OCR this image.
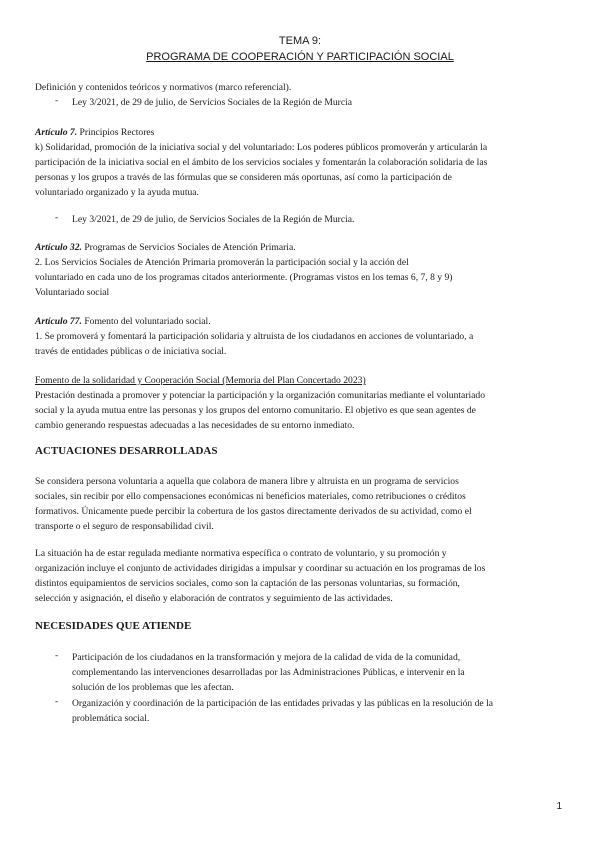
TEMA 9:
PROGRAMA DE COOPERACIÓN Y PARTICIPACIÓN SOCIAL
Definición y contenidos teóricos y normativos (marco referencial).
- Ley 3/2021, de 29 de julio, de Servicios Sociales de la Región de Murcia
Artículo 7. Principios Rectores
k) Solidaridad, promoción de la iniciativa social y del voluntariado: Los poderes públicos promoverán y articularán la
participación de la iniciativa social en el ámbito de los servicios sociales y fomentarán la colaboración solidaria de las
personas y los grupos a través de las fórmulas que se consideren más oportunas, así como la participación de
voluntariado organizado y la ayuda mutua.
- Ley 3/2021, de 29 de julio, de Servicios Sociales de la Región de Murcia.
Artículo 32. Programas de Servicios Sociales de Atención Primaria.
2. Los Servicios Sociales de Atención Primaria promoverán la participación social y la acción del
voluntariado en cada uno de los programas citados anteriormente. (Programas vistos en los temas 6, 7, 8 y 9)
Voluntariado social
Artículo 77. Fomento del voluntariado social.
1. Se promoverá y fomentará la participación solidaria y altruista de los ciudadanos en acciones de voluntariado, a
través de entidades públicas o de iniciativa social.
Fomento de la solidaridad y Cooperación Social (Memoria del Plan Concertado 2023)
Prestación destinada a promover y potenciar la participación y la organización comunitarias mediante el voluntariado
social y la ayuda mutua entre las personas y los grupos del entorno comunitario. El objetivo es que sean agentes de
cambio generando respuestas adecuadas a las necesidades de su entorno inmediato.
ACTUACIONES DESARROLLADAS
Se considera persona voluntaria a aquella que colabora de manera libre y altruista en un programa de servicios
sociales, sin recibir por ello compensaciones económicas ni beneficios materiales, como retribuciones o créditos
formativos. Únicamente puede percibir la cobertura de los gastos directamente derivados de su actividad, como el
transporte o el seguro de responsabilidad civil.
La situación ha de estar regulada mediante normativa específica o contrato de voluntario, y su promoción y
organización incluye el conjunto de actividades dirigidas a impulsar y coordinar su actuación en los programas de los
distintos equipamientos de servicios sociales, como son la captación de las personas voluntarias, su formación,
selección y asignación, el diseño y elaboración de contratos y seguimiento de las actividades.
NECESIDADES QUE ATIENDE
- Participación de los ciudadanos en la transformación y mejora de la calidad de vida de la comunidad,
complementando las intervenciones desarrolladas por las Administraciones Públicas, e intervenir en la
solución de los problemas que les afectan.
- Organización y coordinación de la participación de las entidades privadas y las públicas en la resolución de la
problemática social.
1
